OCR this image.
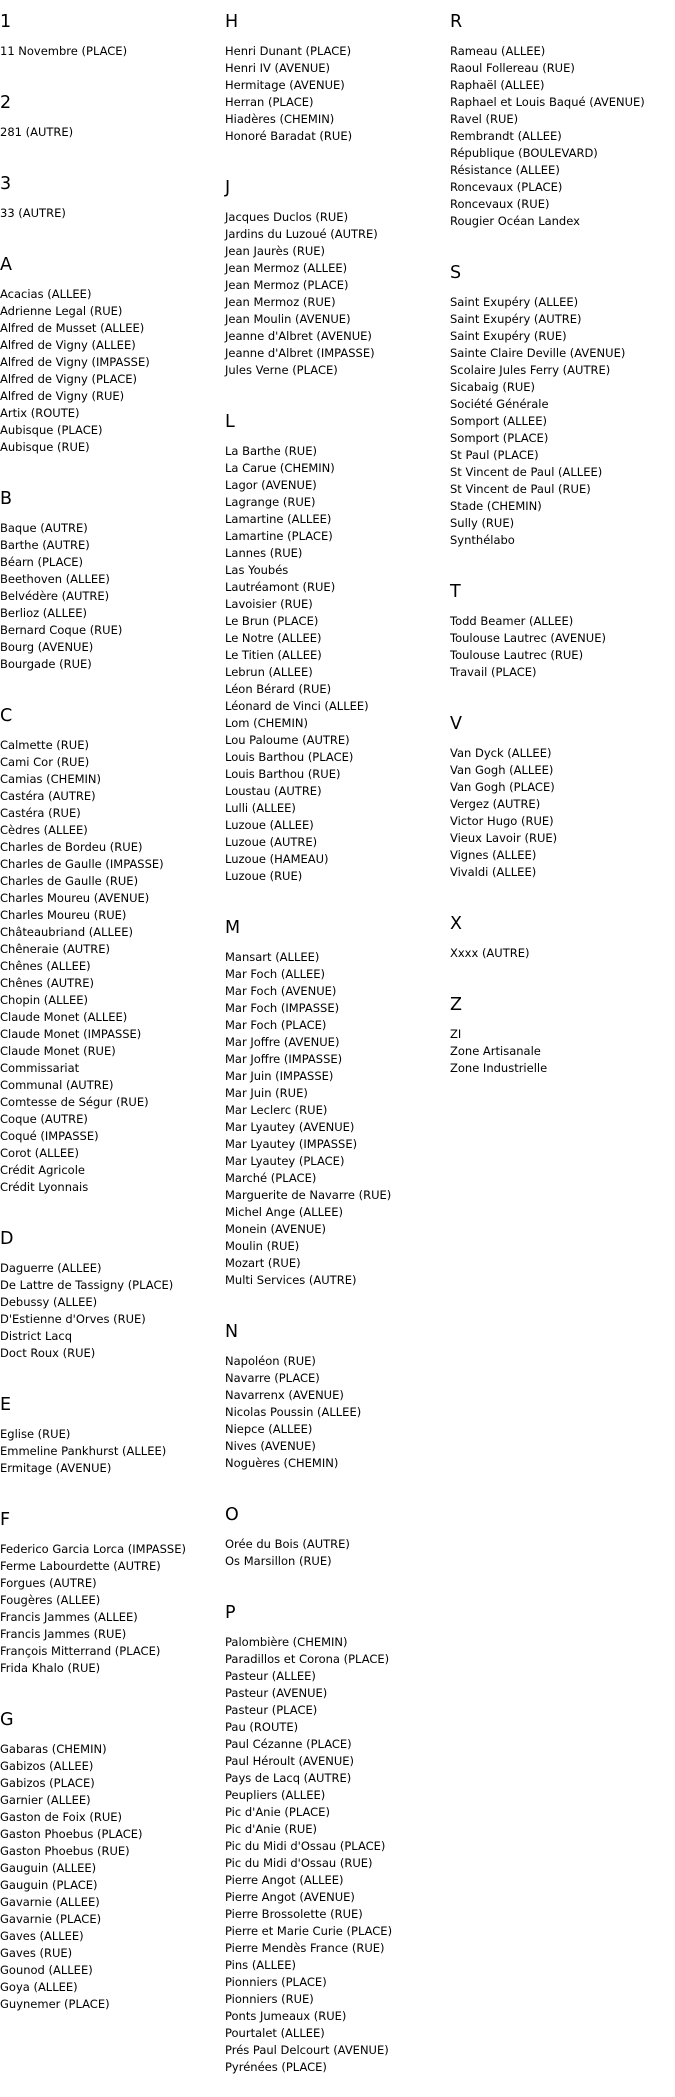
1
11 Novembre (PLACE)
2
281 (AUTRE)
3
33 (AUTRE)
A
Acacias (ALLEE)
Adrienne Legal (RUE)
Alfred de Musset (ALLEE)
Alfred de Vigny (ALLEE)
Alfred de Vigny (IMPASSE)
Alfred de Vigny (PLACE)
Alfred de Vigny (RUE)
Artix (ROUTE)
Aubisque (PLACE)
Aubisque (RUE)
B
Baque (AUTRE)
Barthe (AUTRE)
Béarn (PLACE)
Beethoven (ALLEE)
Belvédère (AUTRE)
Berlioz (ALLEE)
Bernard Coque (RUE)
Bourg (AVENUE)
Bourgade (RUE)
C
Calmette (RUE)
Cami Cor (RUE)
Camias (CHEMIN)
Castéra (AUTRE)
Castéra (RUE)
Cèdres (ALLEE)
Charles de Bordeu (RUE)
Charles de Gaulle (IMPASSE)
Charles de Gaulle (RUE)
Charles Moureu (AVENUE)
Charles Moureu (RUE)
Châteaubriand (ALLEE)
Chêneraie (AUTRE)
Chênes (ALLEE)
Chênes (AUTRE)
Chopin (ALLEE)
Claude Monet (ALLEE)
Claude Monet (IMPASSE)
Claude Monet (RUE)
Commissariat
Communal (AUTRE)
Comtesse de Ségur (RUE)
Coque (AUTRE)
Coqué (IMPASSE)
Corot (ALLEE)
Crédit Agricole
Crédit Lyonnais
D
Daguerre (ALLEE)
De Lattre de Tassigny (PLACE)
Debussy (ALLEE)
D'Estienne d'Orves (RUE)
District Lacq
Doct Roux (RUE)
E
Eglise (RUE)
Emmeline Pankhurst (ALLEE)
Ermitage (AVENUE)
F
Federico Garcia Lorca (IMPASSE)
Ferme Labourdette (AUTRE)
Forgues (AUTRE)
Fougères (ALLEE)
Francis Jammes (ALLEE)
Francis Jammes (RUE)
François Mitterrand (PLACE)
Frida Khalo (RUE)
G
Gabaras (CHEMIN)
Gabizos (ALLEE)
Gabizos (PLACE)
Garnier (ALLEE)
Gaston de Foix (RUE)
Gaston Phoebus (PLACE)
Gaston Phoebus (RUE)
Gauguin (ALLEE)
Gauguin (PLACE)
Gavarnie (ALLEE)
Gavarnie (PLACE)
Gaves (ALLEE)
Gaves (RUE)
Gounod (ALLEE)
Goya (ALLEE)
Guynemer (PLACE)
H
Henri Dunant (PLACE)
Henri IV (AVENUE)
Hermitage (AVENUE)
Herran (PLACE)
Hiadères (CHEMIN)
Honoré Baradat (RUE)
J
Jacques Duclos (RUE)
Jardins du Luzoué (AUTRE)
Jean Jaurès (RUE)
Jean Mermoz (ALLEE)
Jean Mermoz (PLACE)
Jean Mermoz (RUE)
Jean Moulin (AVENUE)
Jeanne d'Albret (AVENUE)
Jeanne d'Albret (IMPASSE)
Jules Verne (PLACE)
L
La Barthe (RUE)
La Carue (CHEMIN)
Lagor (AVENUE)
Lagrange (RUE)
Lamartine (ALLEE)
Lamartine (PLACE)
Lannes (RUE)
Las Youbés
Lautréamont (RUE)
Lavoisier (RUE)
Le Brun (PLACE)
Le Notre (ALLEE)
Le Titien (ALLEE)
Lebrun (ALLEE)
Léon Bérard (RUE)
Léonard de Vinci (ALLEE)
Lom (CHEMIN)
Lou Paloume (AUTRE)
Louis Barthou (PLACE)
Louis Barthou (RUE)
Loustau (AUTRE)
Lulli (ALLEE)
Luzoue (ALLEE)
Luzoue (AUTRE)
Luzoue (HAMEAU)
Luzoue (RUE)
M
Mansart (ALLEE)
Mar Foch (ALLEE)
Mar Foch (AVENUE)
Mar Foch (IMPASSE)
Mar Foch (PLACE)
Mar Joffre (AVENUE)
Mar Joffre (IMPASSE)
Mar Juin (IMPASSE)
Mar Juin (RUE)
Mar Leclerc (RUE)
Mar Lyautey (AVENUE)
Mar Lyautey (IMPASSE)
Mar Lyautey (PLACE)
Marché (PLACE)
Marguerite de Navarre (RUE)
Michel Ange (ALLEE)
Monein (AVENUE)
Moulin (RUE)
Mozart (RUE)
Multi Services (AUTRE)
N
Napoléon (RUE)
Navarre (PLACE)
Navarrenx (AVENUE)
Nicolas Poussin (ALLEE)
Niepce (ALLEE)
Nives (AVENUE)
Noguères (CHEMIN)
O
Orée du Bois (AUTRE)
Os Marsillon (RUE)
P
Palombière (CHEMIN)
Paradillos et Corona (PLACE)
Pasteur (ALLEE)
Pasteur (AVENUE)
Pasteur (PLACE)
Pau (ROUTE)
Paul Cézanne (PLACE)
Paul Héroult (AVENUE)
Pays de Lacq (AUTRE)
Peupliers (ALLEE)
Pic d'Anie (PLACE)
Pic d'Anie (RUE)
Pic du Midi d'Ossau (PLACE)
Pic du Midi d'Ossau (RUE)
Pierre Angot (ALLEE)
Pierre Angot (AVENUE)
Pierre Brossolette (RUE)
Pierre et Marie Curie (PLACE)
Pierre Mendès France (RUE)
Pins (ALLEE)
Pionniers (PLACE)
Pionniers (RUE)
Ponts Jumeaux (RUE)
Pourtalet (ALLEE)
Prés Paul Delcourt (AVENUE)
Pyrénées (PLACE)
R
Rameau (ALLEE)
Raoul Follereau (RUE)
Raphaël (ALLEE)
Raphael et Louis Baqué (AVENUE)
Ravel (RUE)
Rembrandt (ALLEE)
République (BOULEVARD)
Résistance (ALLEE)
Roncevaux (PLACE)
Roncevaux (RUE)
Rougier Océan Landex
S
Saint Exupéry (ALLEE)
Saint Exupéry (AUTRE)
Saint Exupéry (RUE)
Sainte Claire Deville (AVENUE)
Scolaire Jules Ferry (AUTRE)
Sicabaig (RUE)
Société Générale
Somport (ALLEE)
Somport (PLACE)
St Paul (PLACE)
St Vincent de Paul (ALLEE)
St Vincent de Paul (RUE)
Stade (CHEMIN)
Sully (RUE)
Synthélabo
T
Todd Beamer (ALLEE)
Toulouse Lautrec (AVENUE)
Toulouse Lautrec (RUE)
Travail (PLACE)
V
Van Dyck (ALLEE)
Van Gogh (ALLEE)
Van Gogh (PLACE)
Vergez (AUTRE)
Victor Hugo (RUE)
Vieux Lavoir (RUE)
Vignes (ALLEE)
Vivaldi (ALLEE)
X
Xxxx (AUTRE)
Z
ZI
Zone Artisanale
Zone Industrielle
